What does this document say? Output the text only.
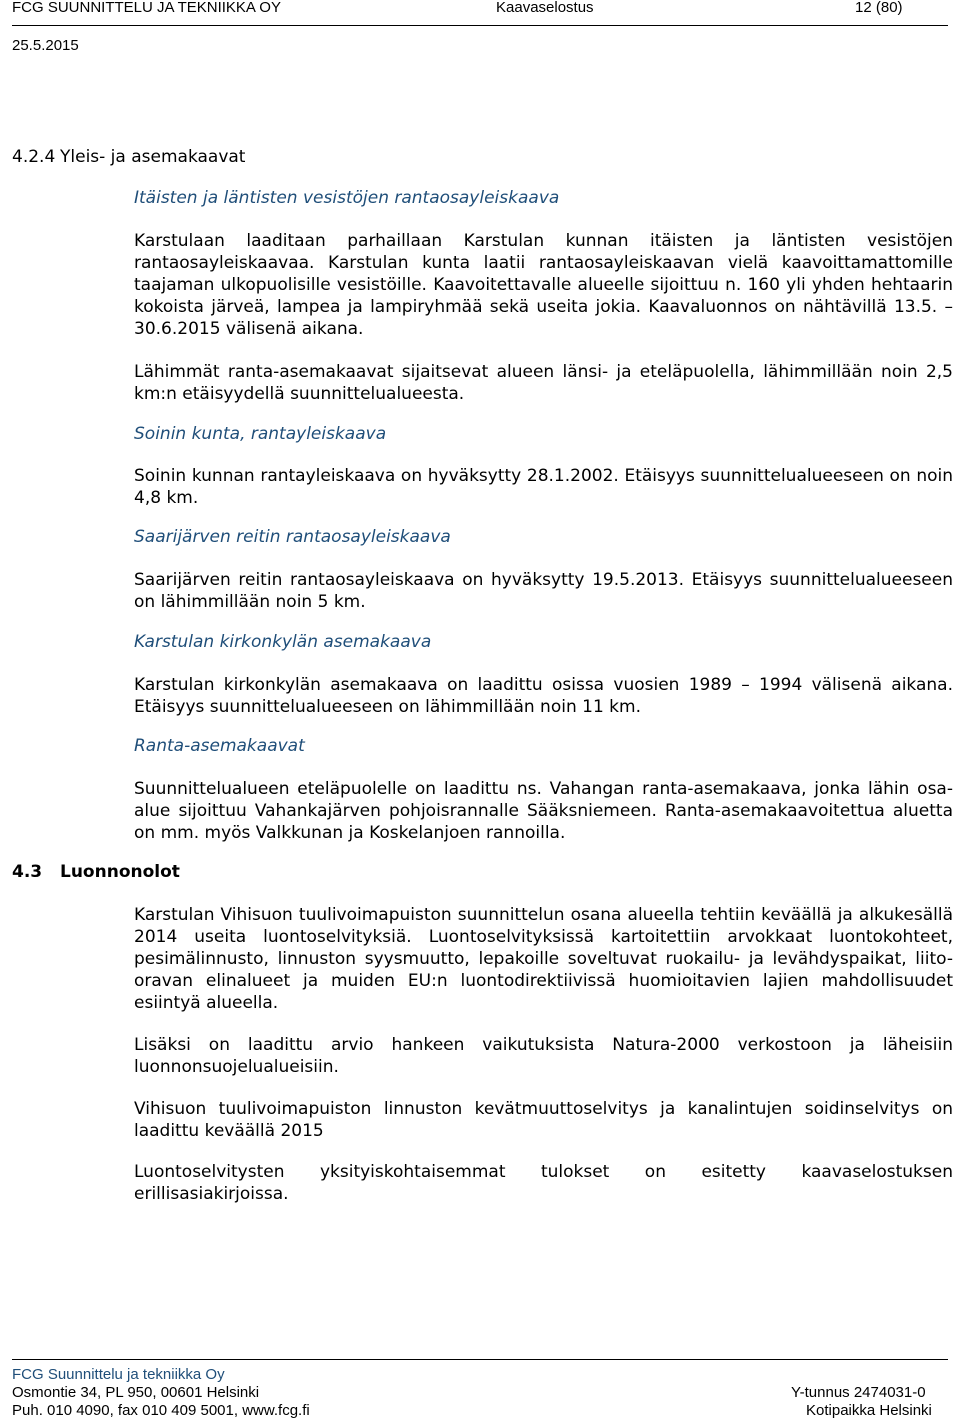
FCG SUUNNITTELU JA TEKNIIKKA OY	Kaavaselostus	12 (80)
25.5.2015
4.2.4 Yleis- ja asemakaavat
Itäisten ja läntisten vesistöjen rantaosayleiskaava
Karstulaan laaditaan parhaillaan Karstulan kunnan itäisten ja läntisten vesistöjen rantaosayleiskaavaa. Karstulan kunta laatii rantaosayleiskaavan vielä kaavoittamattomille taajaman ulkopuolisille vesistöille. Kaavoitettavalle alueelle sijoittuu n. 160 yli yhden hehtaarin kokoista järveä, lampea ja lampiryhmää sekä useita jokia. Kaavaluonnos on nähtävillä 13.5. – 30.6.2015 välisenä aikana.
Lähimmät ranta-asemakaavat sijaitsevat alueen länsi- ja eteläpuolella, lähimmillään noin 2,5 km:n etäisyydellä suunnittelualueesta.
Soinin kunta, rantayleiskaava
Soinin kunnan rantayleiskaava on hyväksytty 28.1.2002. Etäisyys suunnittelualueeseen on noin 4,8 km.
Saarijärven reitin rantaosayleiskaava
Saarijärven reitin rantaosayleiskaava on hyväksytty 19.5.2013. Etäisyys suunnittelualueeseen on lähimmillään noin 5 km.
Karstulan kirkonkylän asemakaava
Karstulan kirkonkylän asemakaava on laadittu osissa vuosien 1989 – 1994 välisenä aikana. Etäisyys suunnittelualueeseen on lähimmillään noin 11 km.
Ranta-asemakaavat
Suunnittelualueen eteläpuolelle on laadittu ns. Vahangan ranta-asemakaava, jonka lähin osa-alue sijoittuu Vahankajärven pohjoisrannalle Sääksniemeen. Ranta-asemakaavoitettua aluetta on mm. myös Valkkunan ja Koskelanjoen rannoilla.
4.3 Luonnonolot
Karstulan Vihisuon tuulivoimapuiston suunnittelun osana alueella tehtiin keväällä ja alkukesällä 2014 useita luontoselvityksiä. Luontoselvityksissä kartoitettiin arvokkaat luontokohteet, pesimälinnusto, linnuston syysmuutto, lepakoille soveltuvat ruokailu- ja levähdyspaikat, liito-oravan elinalueet ja muiden EU:n luontodirektiivissä huomioitavien lajien mahdollisuudet esiintyä alueella.
Lisäksi on laadittu arvio hankeen vaikutuksista Natura-2000 verkostoon ja läheisiin luonnonsuojelualueisiin.
Vihisuon tuulivoimapuiston linnuston kevätmuuttoselvitys ja kanalintujen soidinselvitys on laadittu keväällä 2015
Luontoselvitysten yksityiskohtaisemmat tulokset on esitetty kaavaselostuksen erillisasiakirjoissa.
FCG Suunnittelu ja tekniikka Oy
Osmontie 34, PL 950, 00601 Helsinki
Puh. 010 4090, fax 010 409 5001, www.fcg.fi
Y-tunnus 2474031-0
Kotipaikka Helsinki
